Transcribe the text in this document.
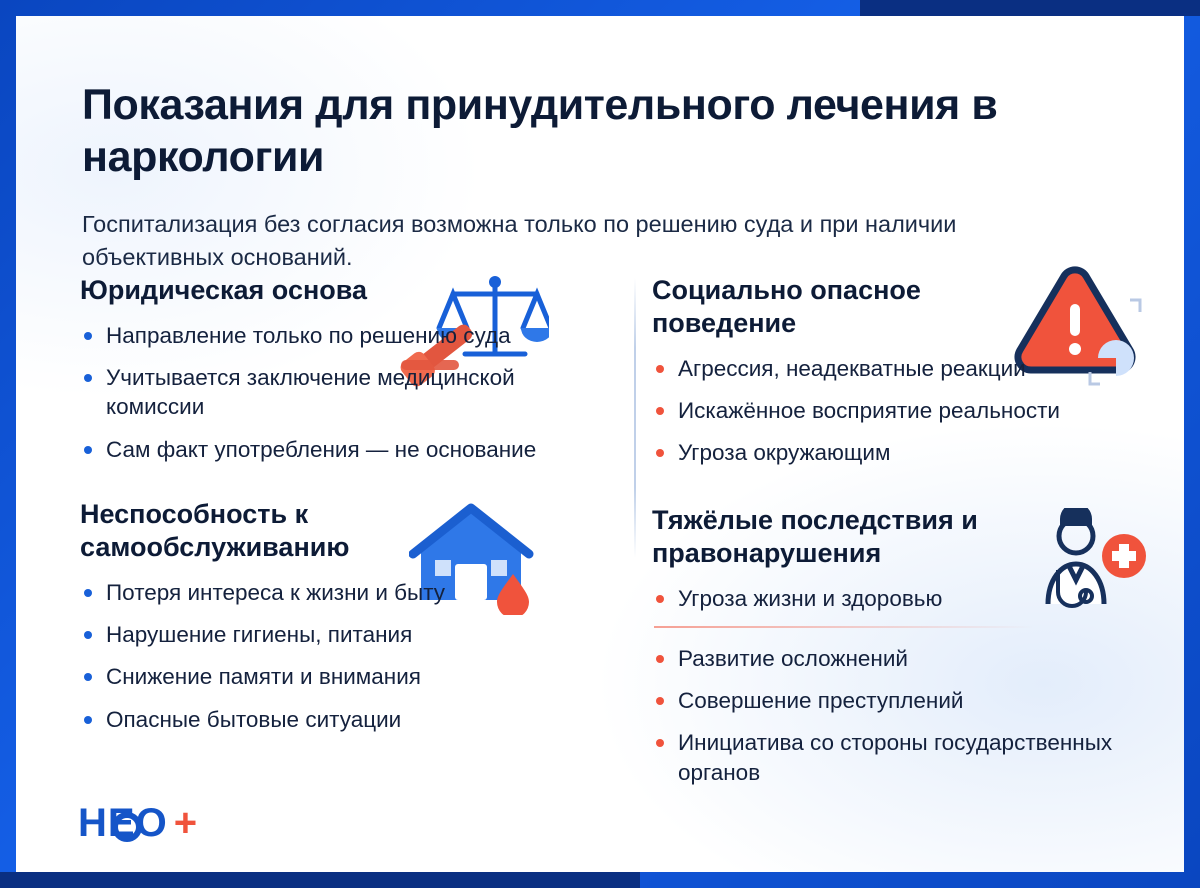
Показания для принудительного лечения в наркологии

Госпитализация без согласия возможна только по решению суда и при наличии объективных оснований.

Юридическая основа
Направление только по решению суда
Учитывается заключение медицинской комиссии
Сам факт употребления — не основание
Неспособность к самообслуживанию
Потеря интереса к жизни и быту
Нарушение гигиены, питания
Снижение памяти и внимания
Опасные бытовые ситуации
Социально опасное поведение
Агрессия, неадекватные реакции
Искажённое восприятие реальности
Угроза окружающим
Тяжёлые последствия и правонарушения
Угроза жизни и здоровью
Развитие осложнений
Совершение преступлений
Инициатива со стороны государственных органов
HEO +
